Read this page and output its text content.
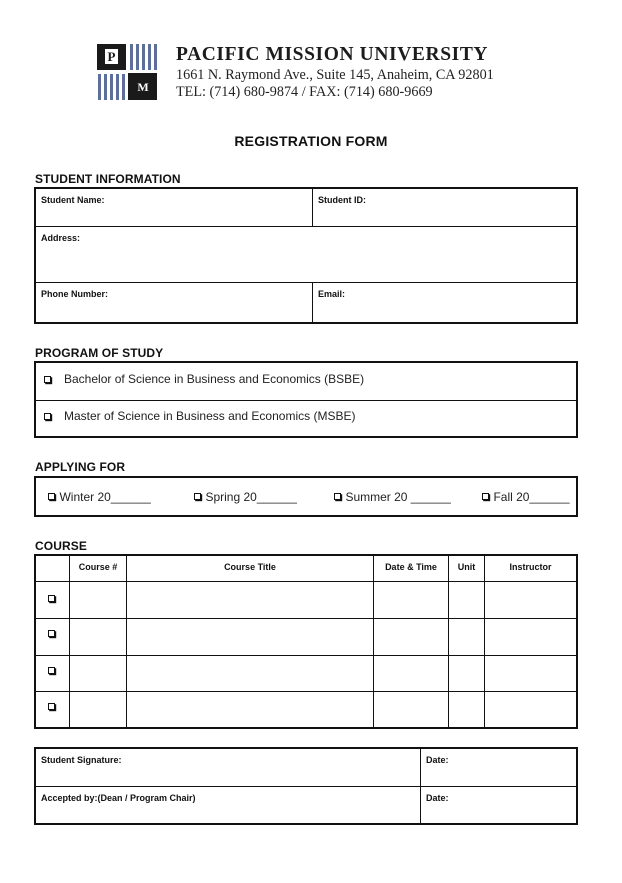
P
M
PACIFIC MISSION UNIVERSITY
1661 N. Raymond Ave., Suite 145, Anaheim, CA 92801
TEL: (714) 680-9874 / FAX: (714) 680-9669
REGISTRATION FORM
STUDENT INFORMATION
Student Name:	Student ID:
Address:
Phone Number:	Email:
PROGRAM OF STUDY
Bachelor of Science in Business and Economics (BSBE)
Master of Science in Business and Economics (MSBE)
APPLYING FOR
Winter 20______	Spring 20______	Summer 20 ______	Fall 20______
COURSE
Course #	Course Title	Date & Time	Unit	Instructor
Student Signature:	Date:
Accepted by:(Dean / Program Chair)	Date:
